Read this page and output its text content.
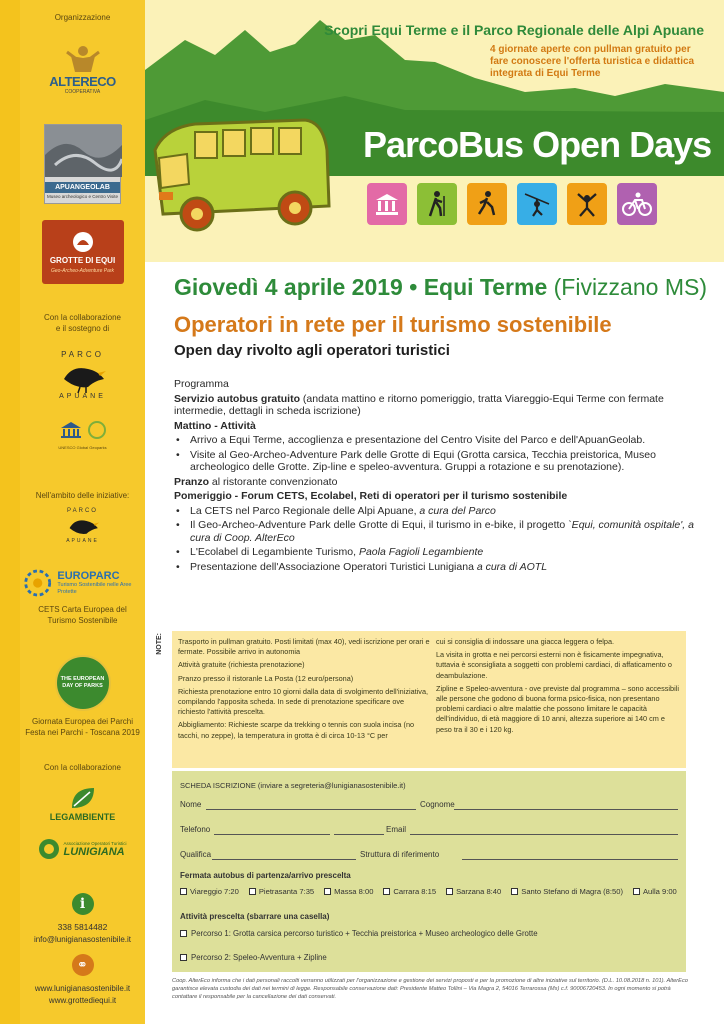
Organizzazione
ALTERECO
COOPERATIVA
APUANGEOLAB
Museo archeologico e Centro Visite
GROTTE DI EQUI
Geo-Archeo-Adventure Park
Con la collaborazione e il sostegno di
PARCO
APUANE
UNESCO Global Geoparks
Nell'ambito delle iniziative:
PARCO
APUANE
EUROPARC
Turismo Sostenibile nelle Aree Protette
CETS Carta Europea del Turismo Sostenibile
THE EUROPEAN DAY OF PARKS
Giornata Europea dei Parchi Festa nei Parchi - Toscana 2019
Con la collaborazione
LEGAMBIENTE
Associazione Operatori Turistici
LUNIGIANA
i
338 5814482
info@lunigianasostenibile.it
⚭
www.lunigianasostenibile.it
www.grottediequi.it
Scopri Equi Terme e il Parco Regionale delle Alpi Apuane
4 giornate aperte con pullman gratuito per fare conoscere l'offerta turistica e didattica integrata di Equi Terme
ParcoBus Open Days
Giovedì 4 aprile 2019 • Equi Terme (Fivizzano MS)
Operatori in rete per il turismo sostenibile
Open day rivolto agli operatori turistici

Programma

Servizio autobus gratuito (andata mattino e ritorno pomeriggio, tratta Viareggio-Equi Terme con fermate intermedie, dettagli in scheda iscrizione)

Mattino - Attività

• Arrivo a Equi Terme, accoglienza e presentazione del Centro Visite del Parco e dell'ApuanGeolab.
• Visite al Geo-Archeo-Adventure Park delle Grotte di Equi (Grotta carsica, Tecchia preistorica, Museo archeologico delle Grotte. Zip-line e speleo-avventura. Gruppi a rotazione e su prenotazione).

Pranzo al ristorante convenzionato

Pomeriggio - Forum CETS, Ecolabel, Reti di operatori per il turismo sostenibile

• La CETS nel Parco Regionale delle Alpi Apuane, a cura del Parco
• Il Geo-Archeo-Adventure Park delle Grotte di Equi, il turismo in e-bike, il progetto `Equi, comunità ospitale', a cura di Coop. AlterEco
• L'Ecolabel di Legambiente Turismo, Paola Fagioli Legambiente
• Presentazione dell'Associazione Operatori Turistici Lunigiana a cura di AOTL
NOTE:	Trasporto in pullman gratuito. Posti limitati (max 40), vedi iscrizione per orari e fermate. Possibile arrivo in autonomia

Attività gratuite (richiesta prenotazione)

Pranzo presso il ristoranle La Posta (12 euro/persona)

Richiesta prenotazione entro 10 giorni dalla data di svolgimento dell'iniziativa, compilando l'apposita scheda. In sede di prenotazione specificare ove richiesto l'attività prescelta.

Abbigliamento: Richieste scarpe da trekking o tennis con suola incisa (no tacchi, no zeppe), la temperatura in grotta è di circa 10-13 °C per

cui si consiglia di indossare una giacca leggera o felpa.

La visita in grotta e nei percorsi esterni non è fisicamente impegnativa, tuttavia è sconsigliata a soggetti con problemi cardiaci, di affaticamento o deambulazione.

Zipline e Speleo-avventura - ove previste dal programma – sono accessibili alle persone che godono di buona forma psico-fisica, non presentano problemi cardiaci o altre malattie che possono limitare le capacità dell'individuo, di età maggiore di 10 anni, altezza superiore ai 140 cm e peso tra il 30 e i 120 kg.

SCHEDA ISCRIZIONE (inviare a segreteria@lunigianasostenibile.it)
Nome	Cognome
Telefono	Email
Qualifica	Struttura di riferimento
Fermata autobus di partenza/arrivo prescelta
Viareggio 7:20	Pietrasanta 7:35	Massa 8:00	Carrara 8:15	Sarzana 8:40	Santo Stefano di Magra (8:50)	Aulla 9:00
Attività prescelta (sbarrare una casella)
Percorso 1: Grotta carsica percorso turistico + Tecchia preistorica + Museo archeologico delle Grotte
Percorso 2: Speleo-Avventura + Zipline
Coop. AlterEco informa che i dati personali raccolti verranno utilizzati per l'organizzazione e gestione dei servizi proposti e per la promozione di altre iniziative sul territorio. (D.L. 10.08.2018 n. 101). AlterEco garantisce elevata custodia dei dati nei termini di legge. Responsabile conservazione dati: Presidente Matteo Tollini – Via Magra 2, 54016 Terrarossa (Ms) c.f. 90006720453. In ogni momento si potrà contattare il responsabile per la cancellazione dei dati conservati.
